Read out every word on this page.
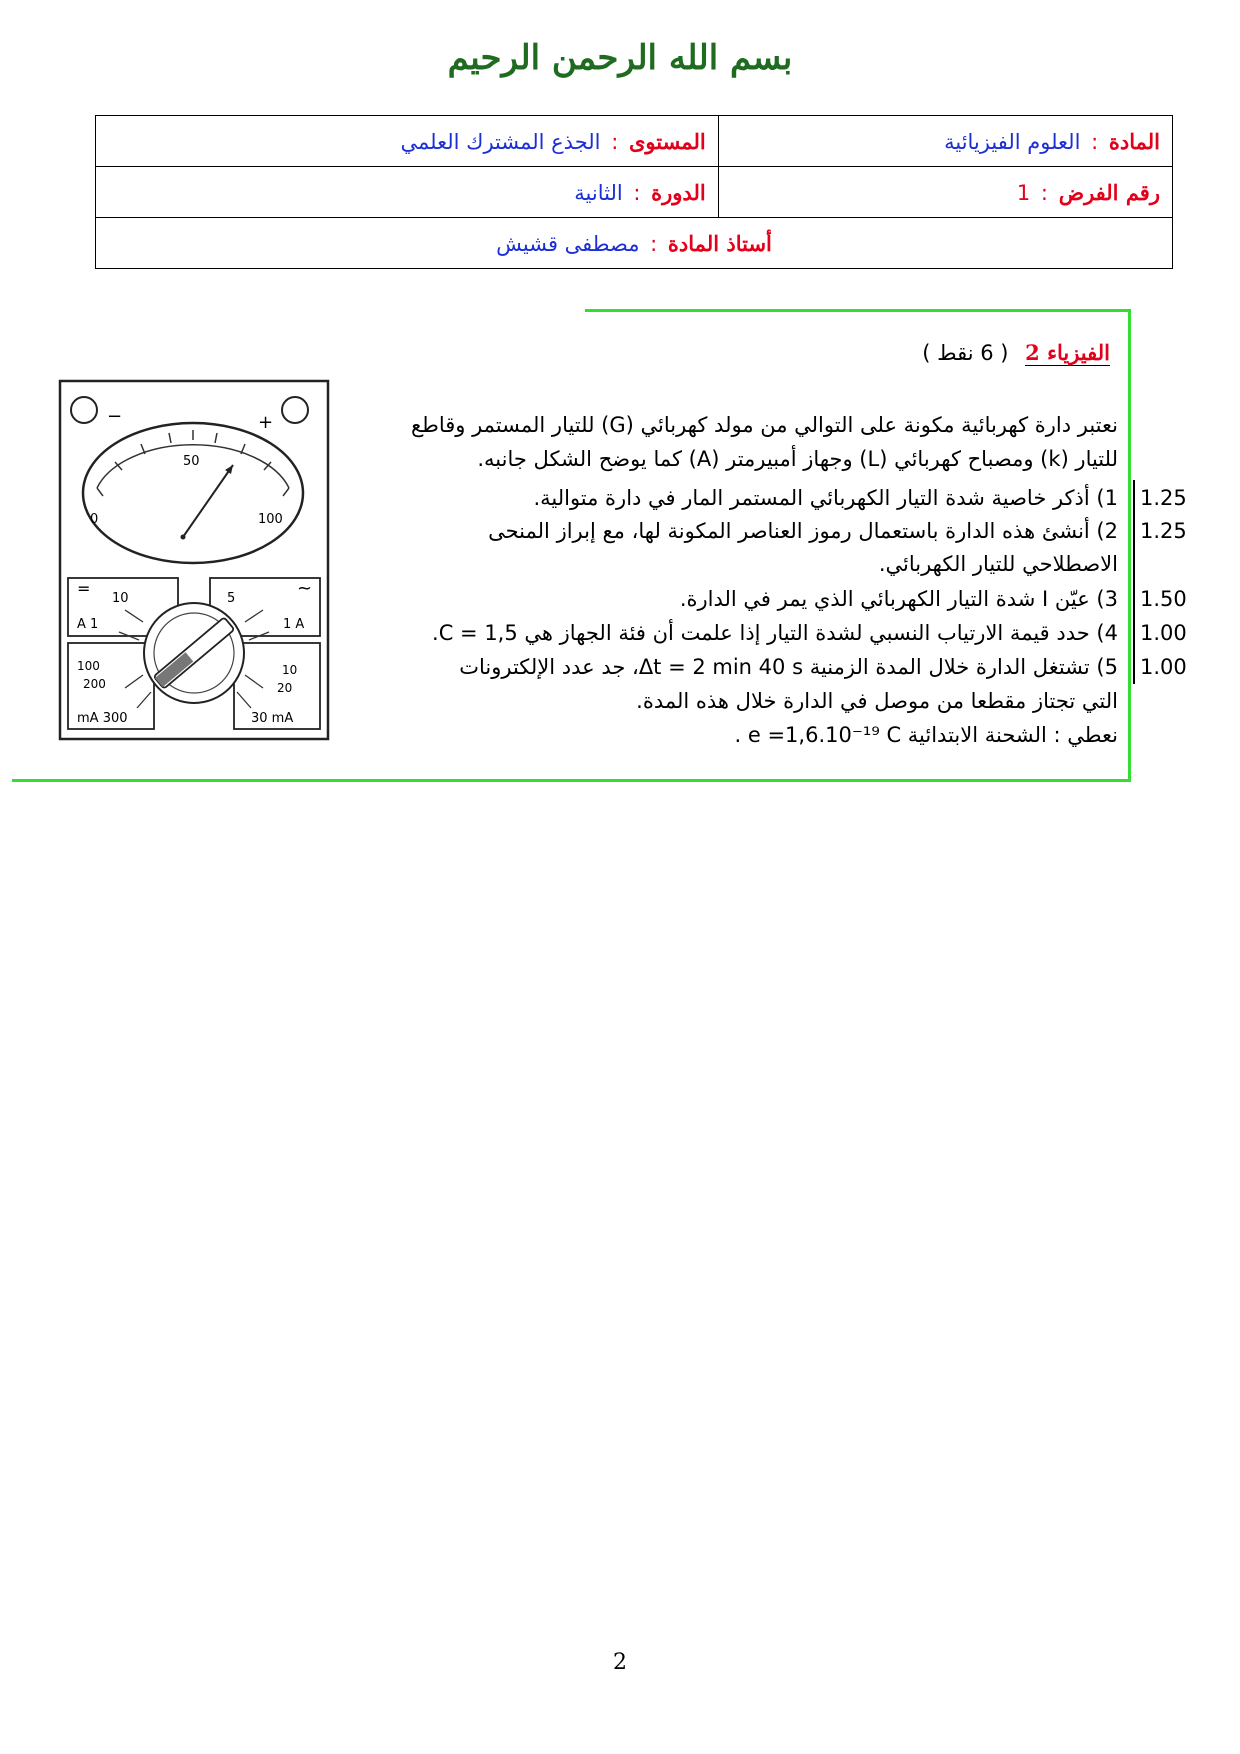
بسم الله الرحمن الرحيم
المادة : العلوم الفيزيائية	المستوى : الجذع المشترك العلمي
رقم الفرض : 1	الدورة : الثانية
أستاذ المادة : مصطفى قشيش	
الفيزياء 2 ( 6 نقط )
نعتبر دارة كهربائية مكونة على التوالي من مولد كهربائي (G) للتيار المستمر وقاطع
للتيار (k) ومصباح كهربائي (L) وجهاز أمبيرمتر (A) كما يوضح الشكل جانبه.
1) أذكر خاصية شدة التيار الكهربائي المستمر المار في دارة متوالية. 1.25
2) أنشئ هذه الدارة باستعمال رموز العناصر المكونة لها، مع إبراز المنحى 1.25
الاصطلاحي للتيار الكهربائي.
3) عيّن I شدة التيار الكهربائي الذي يمر في الدارة. 1.50
4) حدد قيمة الارتياب النسبي لشدة التيار إذا علمت أن فئة الجهاز هي C = 1,5. 1.00
5) تشتغل الدارة خلال المدة الزمنية Δt = 2 min 40 s، جد عدد الإلكترونات 1.00
التي تجتاز مقطعا من موصل في الدارة خلال هذه المدة.
نعطي : الشحنة الابتدائية e =1,6.10⁻¹⁹ C .
−	+
0
50
100
=	~
10
A 1
5
1 A
100
200
mA 300
10
20
30 mA
2
